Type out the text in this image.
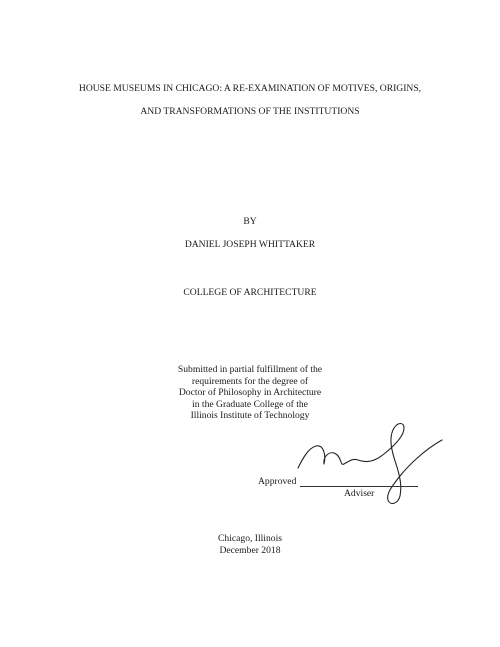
HOUSE MUSEUMS IN CHICAGO: A RE-EXAMINATION OF MOTIVES, ORIGINS,
AND TRANSFORMATIONS OF THE INSTITUTIONS
BY
DANIEL JOSEPH WHITTAKER
COLLEGE OF ARCHITECTURE
Submitted in partial fulfillment of the
requirements for the degree of
Doctor of Philosophy in Architecture
in the Graduate College of the
Illinois Institute of Technology
Approved
Adviser
Chicago, Illinois
December 2018
